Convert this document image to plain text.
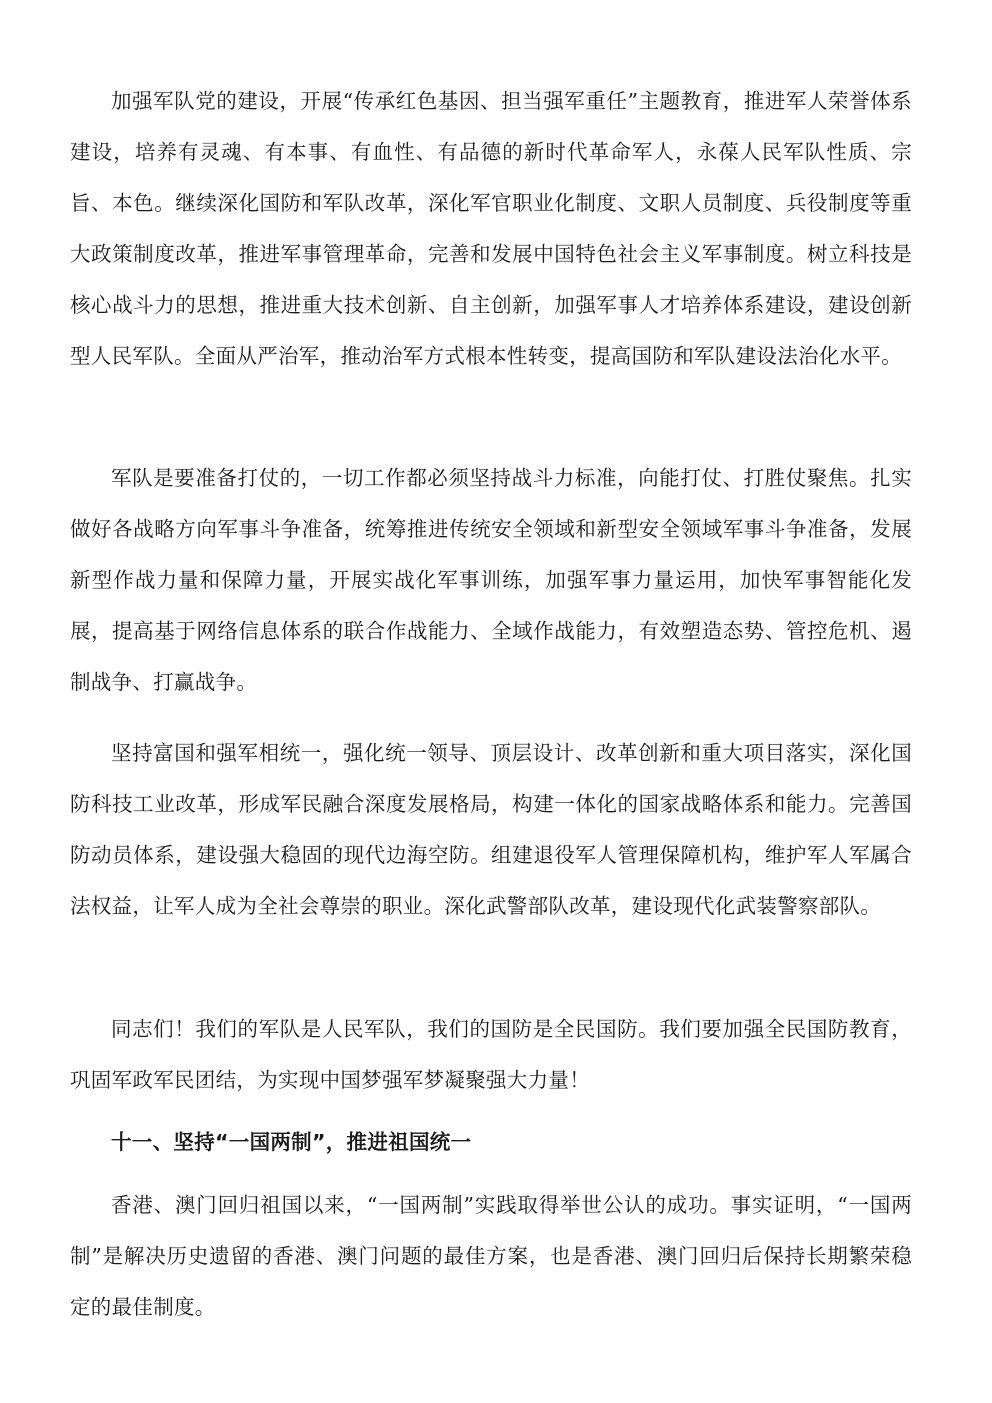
加强军队党的建设，开展“传承红色基因、担当强军重任”主题教育，推进军人荣誉体系建设，培养有灵魂、有本事、有血性、有品德的新时代革命军人，永葆人民军队性质、宗旨、本色。继续深化国防和军队改革，深化军官职业化制度、文职人员制度、兵役制度等重大政策制度改革，推进军事管理革命，完善和发展中国特色社会主义军事制度。树立科技是核心战斗力的思想，推进重大技术创新、自主创新，加强军事人才培养体系建设，建设创新型人民军队。全面从严治军，推动治军方式根本性转变，提高国防和军队建设法治化水平。

军队是要准备打仗的，一切工作都必须坚持战斗力标准，向能打仗、打胜仗聚焦。扎实做好各战略方向军事斗争准备，统筹推进传统安全领域和新型安全领域军事斗争准备，发展新型作战力量和保障力量，开展实战化军事训练，加强军事力量运用，加快军事智能化发展，提高基于网络信息体系的联合作战能力、全域作战能力，有效塑造态势、管控危机、遏制战争、打赢战争。

坚持富国和强军相统一，强化统一领导、顶层设计、改革创新和重大项目落实，深化国防科技工业改革，形成军民融合深度发展格局，构建一体化的国家战略体系和能力。完善国防动员体系，建设强大稳固的现代边海空防。组建退役军人管理保障机构，维护军人军属合法权益，让军人成为全社会尊崇的职业。深化武警部队改革，建设现代化武装警察部队。

同志们！我们的军队是人民军队，我们的国防是全民国防。我们要加强全民国防教育，巩固军政军民团结，为实现中国梦强军梦凝聚强大力量！

十一、坚持“一国两制”，推进祖国统一

香港、澳门回归祖国以来，“一国两制”实践取得举世公认的成功。事实证明，“一国两制”是解决历史遗留的香港、澳门问题的最佳方案，也是香港、澳门回归后保持长期繁荣稳定的最佳制度。
